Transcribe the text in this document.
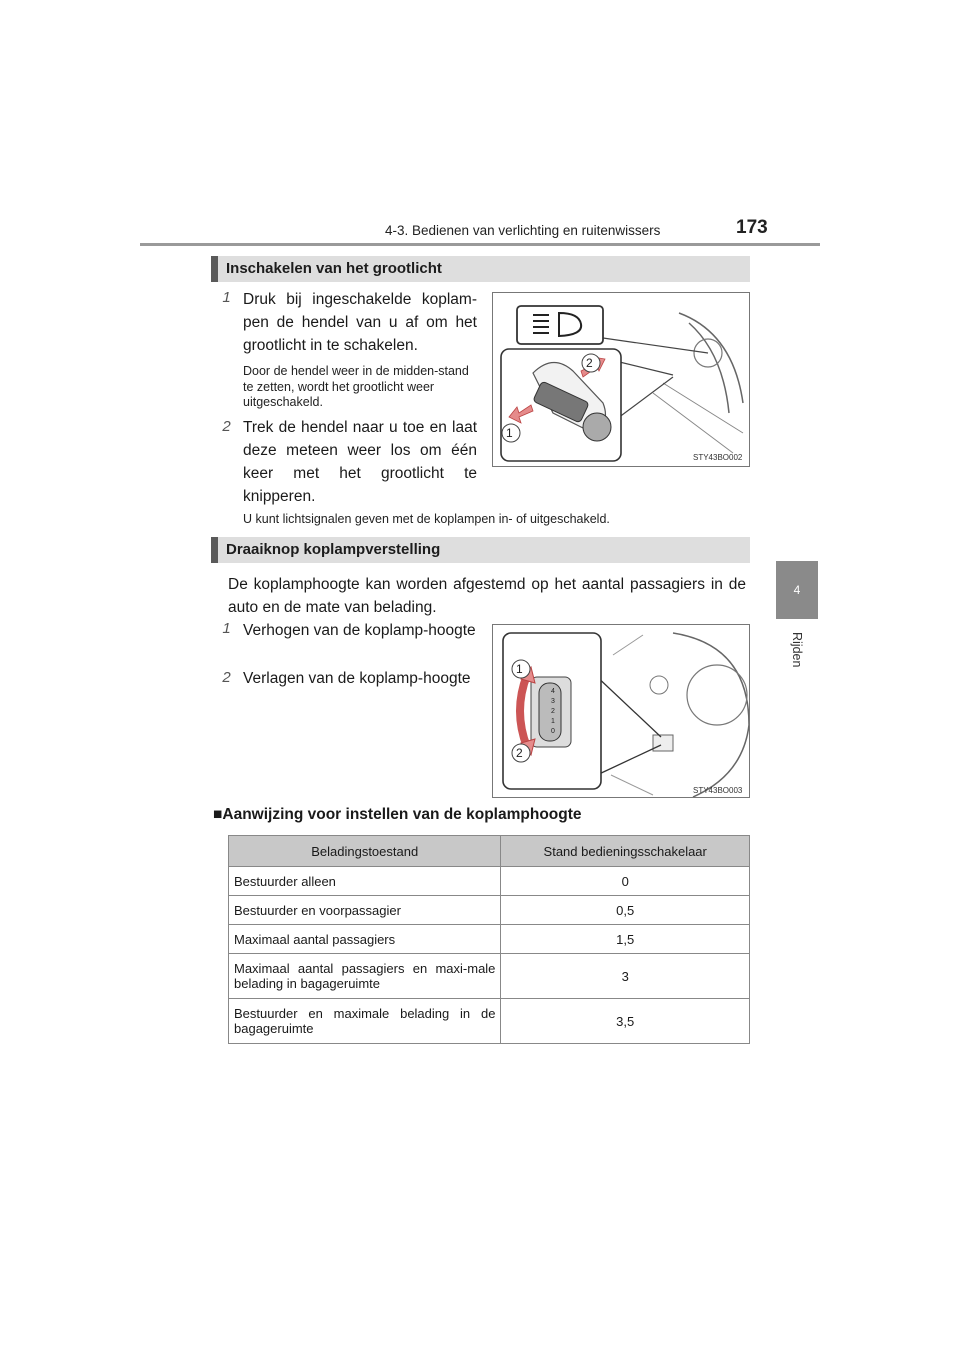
4-3. Bedienen van verlichting en ruitenwissers	173
4
Rijden
Inschakelen van het grootlicht
1 Druk bij ingeschakelde koplam-pen de hendel van u af om het grootlicht in te schakelen.
Door de hendel weer in de midden-stand te zetten, wordt het grootlicht weer uitgeschakeld.
2 Trek de hendel naar u toe en laat deze meteen weer los om één keer met het grootlicht te knipperen.
U kunt lichtsignalen geven met de koplampen in- of uitgeschakeld.
2
1
STY43BO002
Draaiknop koplampverstelling
De koplamphoogte kan worden afgestemd op het aantal passagiers in de auto en de mate van belading.
1 Verhogen van de koplamp-hoogte
2 Verlagen van de koplamp-hoogte
1
2
4
3
2
1
0
STY43BO003
■Aanwijzing voor instellen van de koplamphoogte
Beladingstoestand	Stand bedieningsschakelaar
Bestuurder alleen	0
Bestuurder en voorpassagier	0,5
Maximaal aantal passagiers	1,5
Maximaal aantal passagiers en maxi-male belading in bagageruimte	3
Bestuurder en maximale belading in de bagageruimte	3,5
